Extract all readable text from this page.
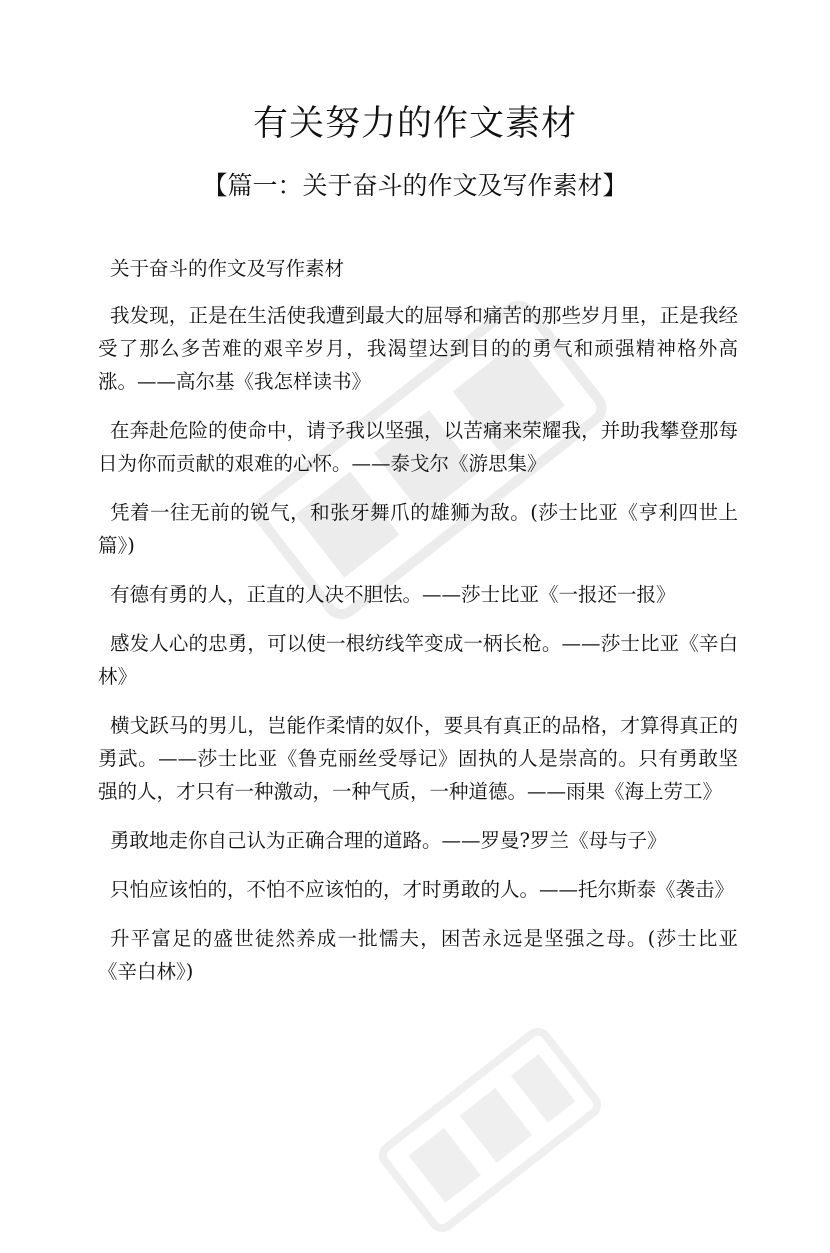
有关努力的作文素材
【篇一：关于奋斗的作文及写作素材】

关于奋斗的作文及写作素材

我发现，正是在生活使我遭到最大的屈辱和痛苦的那些岁月里，正是我经受了那么多苦难的艰辛岁月，我渴望达到目的的勇气和顽强精神格外高涨。——高尔基《我怎样读书》

在奔赴危险的使命中，请予我以坚强，以苦痛来荣耀我，并助我攀登那每日为你而贡献的艰难的心怀。——泰戈尔《游思集》

凭着一往无前的锐气，和张牙舞爪的雄狮为敌。(莎士比亚《亨利四世上篇》)

有德有勇的人，正直的人决不胆怯。——莎士比亚《一报还一报》

感发人心的忠勇，可以使一根纺线竿变成一柄长枪。——莎士比亚《辛白林》

横戈跃马的男儿，岂能作柔情的奴仆，要具有真正的品格，才算得真正的勇武。——莎士比亚《鲁克丽丝受辱记》固执的人是崇高的。只有勇敢坚强的人，才只有一种激动，一种气质，一种道德。——雨果《海上劳工》

勇敢地走你自己认为正确合理的道路。——罗曼?罗兰《母与子》

只怕应该怕的，不怕不应该怕的，才时勇敢的人。——托尔斯泰《袭击》

升平富足的盛世徒然养成一批懦夫，困苦永远是坚强之母。(莎士比亚《辛白林》)
